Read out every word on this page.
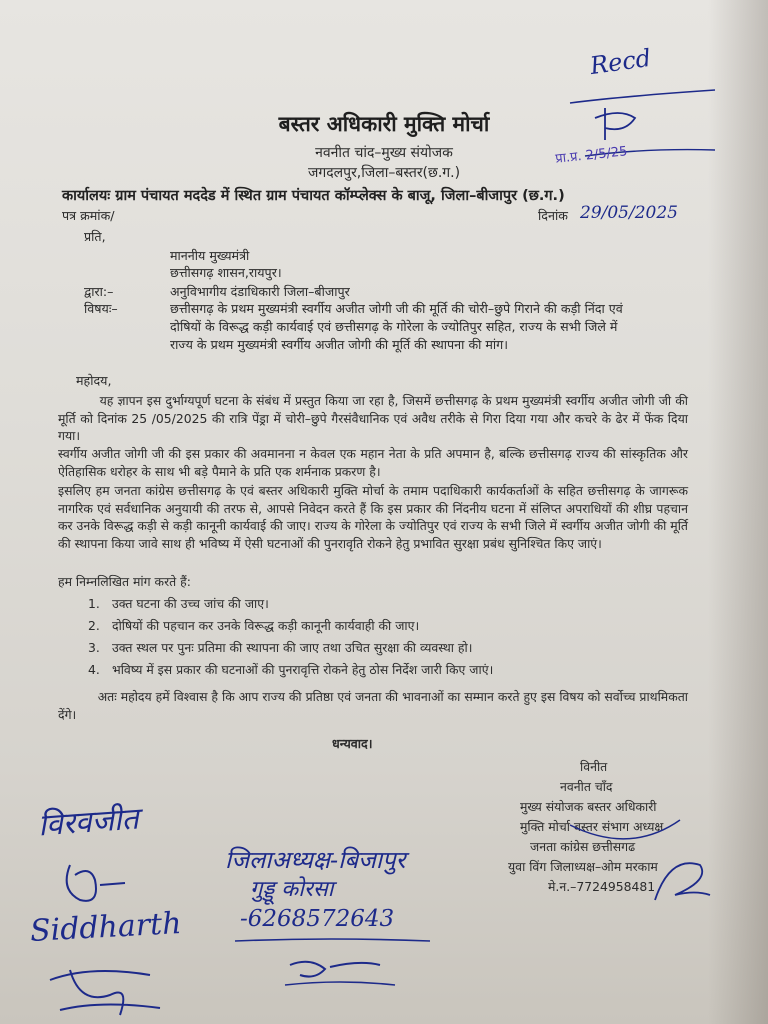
Recd
प्रा.प्र. 2/5/25
बस्तर अधिकारी मुक्ति मोर्चा
नवनीत चांद–मुख्य संयोजक
जगदलपुर,जिला–बस्तर(छ.ग.)
कार्यालयः ग्राम पंचायत मददेड में स्थित ग्राम पंचायत कॉम्प्लेक्स के बाजू, जिला–बीजापुर (छ.ग.)
पत्र क्रमांक/	दिनांक 29/05/2025
प्रति,
माननीय मुख्यमंत्री
छत्तीसगढ़ शासन,रायपुर।
द्वारा:–	अनुविभागीय दंडाधिकारी जिला–बीजापुर
विषयः–	छत्तीसगढ़ के प्रथम मुख्यमंत्री स्वर्गीय अजीत जोगी जी की मूर्ति की चोरी–छुपे गिराने की कड़ी निंदा एवं
दोषियों के विरूद्ध कड़ी कार्यवाई एवं छत्तीसगढ़ के गोरेला के ज्योतिपुर सहित, राज्य के सभी जिले में
राज्य के प्रथम मुख्यमंत्री स्वर्गीय अजीत जोगी की मूर्ति की स्थापना की मांग।
महोदय,
यह ज्ञापन इस दुर्भाग्यपूर्ण घटना के संबंध में प्रस्तुत किया जा रहा है, जिसमें छत्तीसगढ़ के प्रथम मुख्यमंत्री स्वर्गीय अजीत जोगी जी की मूर्ति को दिनांक 25 /05/2025 की रात्रि पेंड्रा में चोरी–छुपे गैरसंवैधानिक एवं अवैध तरीके से गिरा दिया गया और कचरे के ढेर में फेंक दिया गया।
स्वर्गीय अजीत जोगी जी की इस प्रकार की अवमानना न केवल एक महान नेता के प्रति अपमान है, बल्कि छत्तीसगढ़ राज्य की सांस्कृतिक और ऐतिहासिक धरोहर के साथ भी बड़े पैमाने के प्रति एक शर्मनाक प्रकरण है।
इसलिए हम जनता कांग्रेस छत्तीसगढ़ के एवं बस्तर अधिकारी मुक्ति मोर्चा के तमाम पदाधिकारी कार्यकर्ताओं के सहित छत्तीसगढ़ के जागरूक नागरिक एवं सर्वधानिक अनुयायी की तरफ से, आपसे निवेदन करते हैं कि इस प्रकार की निंदनीय घटना में संलिप्त अपराधियों की शीघ्र पहचान कर उनके विरूद्ध कड़ी से कड़ी कानूनी कार्यवाई की जाए। राज्य के गोरेला के ज्योतिपुर एवं राज्य के सभी जिले में स्वर्गीय अजीत जोगी की मूर्ति की स्थापना किया जावे साथ ही भविष्य में ऐसी घटनाओं की पुनरावृति रोकने हेतु प्रभावित सुरक्षा प्रबंध सुनिश्चित किए जाएं।
हम निम्नलिखित मांग करते हैं:
1. उक्त घटना की उच्च जांच की जाए।
2. दोषियों की पहचान कर उनके विरूद्ध कड़ी कानूनी कार्यवाही की जाए।
3. उक्त स्थल पर पुनः प्रतिमा की स्थापना की जाए तथा उचित सुरक्षा की व्यवस्था हो।
4. भविष्य में इस प्रकार की घटनाओं की पुनरावृत्ति रोकने हेतु ठोस निर्देश जारी किए जाएं।
अतः महोदय हमें विश्वास है कि आप राज्य की प्रतिष्ठा एवं जनता की भावनाओं का सम्मान करते हुए इस विषय को सर्वोच्च प्राथमिकता देंगे।
धन्यवाद।
विनीत
नवनीत चाँद
मुख्य संयोजक बस्तर अधिकारी
मुक्ति मोर्चा बस्तर संभाग अध्यक्ष
जनता कांग्रेस छत्तीसगढ
युवा विंग जिलाध्यक्ष–ओम मरकाम
मे.न.–7724958481
विरवजीत
Siddharth
जिलाअध्यक्ष-बिजापुर
गुड्डू कोरसा
-6268572643
